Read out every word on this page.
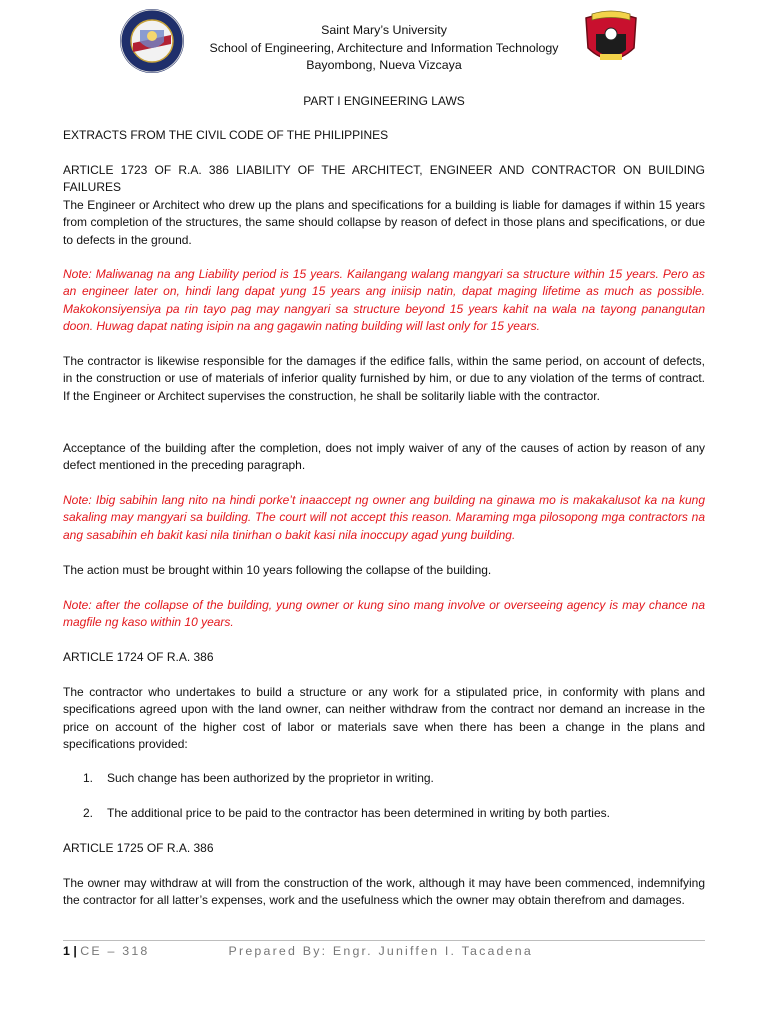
Saint Mary’s University
School of Engineering, Architecture and Information Technology
Bayombong, Nueva Vizcaya
PART I ENGINEERING LAWS

EXTRACTS FROM THE CIVIL CODE OF THE PHILIPPINES

ARTICLE 1723 OF R.A. 386 LIABILITY OF THE ARCHITECT, ENGINEER AND CONTRACTOR ON BUILDING FAILURES

The Engineer or Architect who drew up the plans and specifications for a building is liable for damages if within 15 years from completion of the structures, the same should collapse by reason of defect in those plans and specifications, or due to defects in the ground.

Note: Maliwanag na ang Liability period is 15 years. Kailangang walang mangyari sa structure within 15 years. Pero as an engineer later on, hindi lang dapat yung 15 years ang iniisip natin, dapat maging lifetime as much as possible. Makokonsiyensiya pa rin tayo pag may nangyari sa structure beyond 15 years kahit na wala na tayong panangutan doon. Huwag dapat nating isipin na ang gagawin nating building will last only for 15 years.

The contractor is likewise responsible for the damages if the edifice falls, within the same period, on account of defects, in the construction or use of materials of inferior quality furnished by him, or due to any violation of the terms of contract. If the Engineer or Architect supervises the construction, he shall be solitarily liable with the contractor.

Acceptance of the building after the completion, does not imply waiver of any of the causes of action by reason of any defect mentioned in the preceding paragraph.

Note: Ibig sabihin lang nito na hindi porke’t inaaccept ng owner ang building na ginawa mo is makakalusot ka na kung sakaling may mangyari sa building. The court will not accept this reason. Maraming mga pilosopong mga contractors na ang sasabihin eh bakit kasi nila tinirhan o bakit kasi nila inoccupy agad yung building.

The action must be brought within 10 years following the collapse of the building.

Note: after the collapse of the building, yung owner or kung sino mang involve or overseeing agency is may chance na magfile ng kaso within 10 years.

ARTICLE 1724 OF R.A. 386

The contractor who undertakes to build a structure or any work for a stipulated price, in conformity with plans and specifications agreed upon with the land owner, can neither withdraw from the contract nor demand an increase in the price on account of the higher cost of labor or materials save when there has been a change in the plans and specifications provided:

1. Such change has been authorized by the proprietor in writing.
2. The additional price to be paid to the contractor has been determined in writing by both parties.

ARTICLE 1725 OF R.A. 386

The owner may withdraw at will from the construction of the work, although it may have been commenced, indemnifying the contractor for all latter’s expenses, work and the usefulness which the owner may obtain therefrom and damages.

1 | CE – 318	Prepared By: Engr. Juniffen I. Tacadena
